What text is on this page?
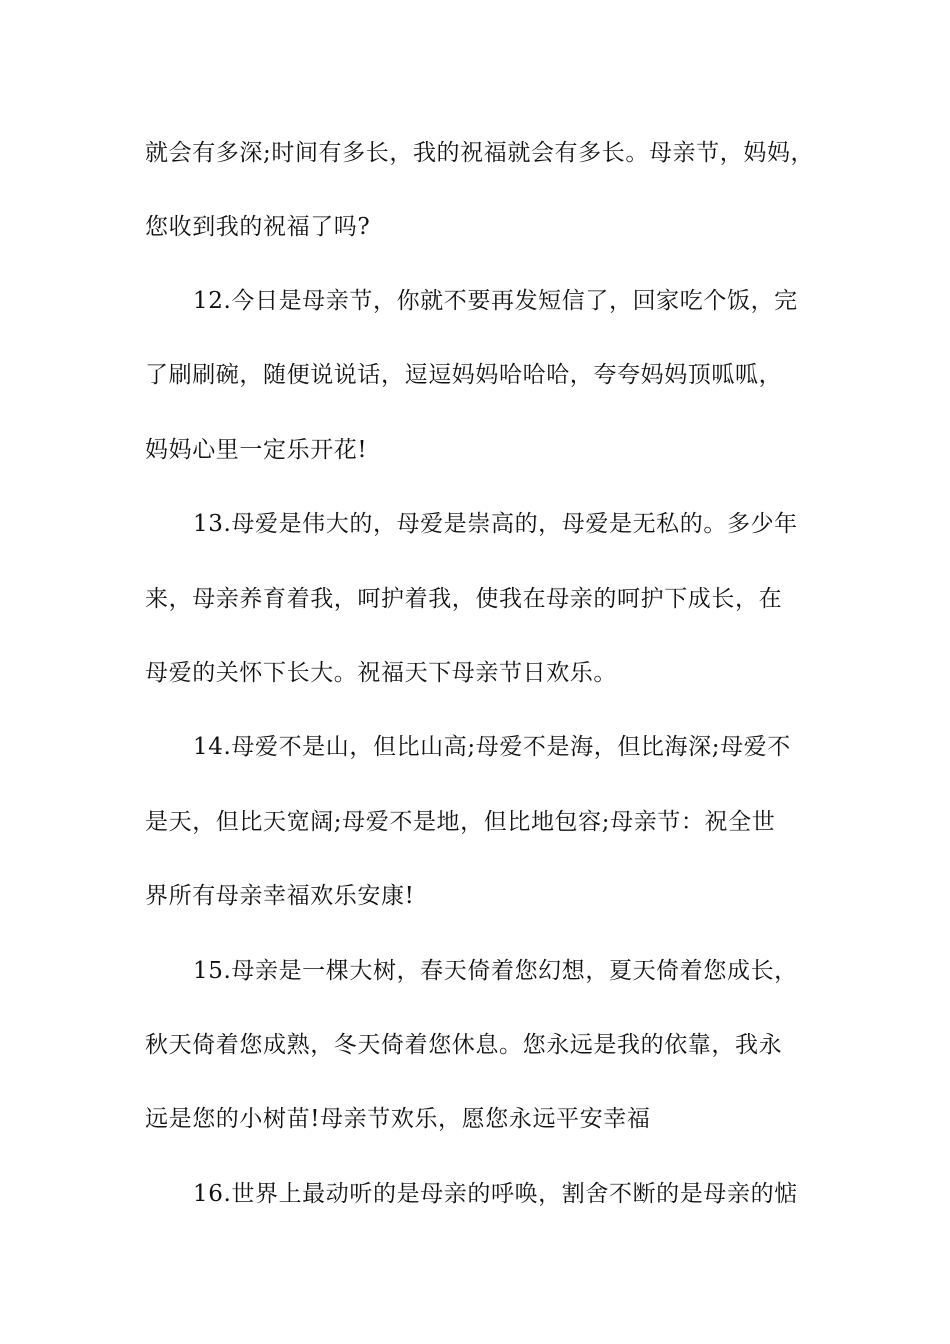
就会有多深;时间有多长，我的祝福就会有多长。母亲节，妈妈，
您收到我的祝福了吗?
12.今日是母亲节，你就不要再发短信了，回家吃个饭，完
了刷刷碗，随便说说话，逗逗妈妈哈哈哈，夸夸妈妈顶呱呱，
妈妈心里一定乐开花!
13.母爱是伟大的，母爱是崇高的，母爱是无私的。多少年
来，母亲养育着我，呵护着我，使我在母亲的呵护下成长，在
母爱的关怀下长大。祝福天下母亲节日欢乐。
14.母爱不是山，但比山高;母爱不是海，但比海深;母爱不
是天，但比天宽阔;母爱不是地，但比地包容;母亲节：祝全世
界所有母亲幸福欢乐安康!
15.母亲是一棵大树，春天倚着您幻想，夏天倚着您成长，
秋天倚着您成熟，冬天倚着您休息。您永远是我的依靠，我永
远是您的小树苗!母亲节欢乐，愿您永远平安幸福
16.世界上最动听的是母亲的呼唤，割舍不断的是母亲的惦
